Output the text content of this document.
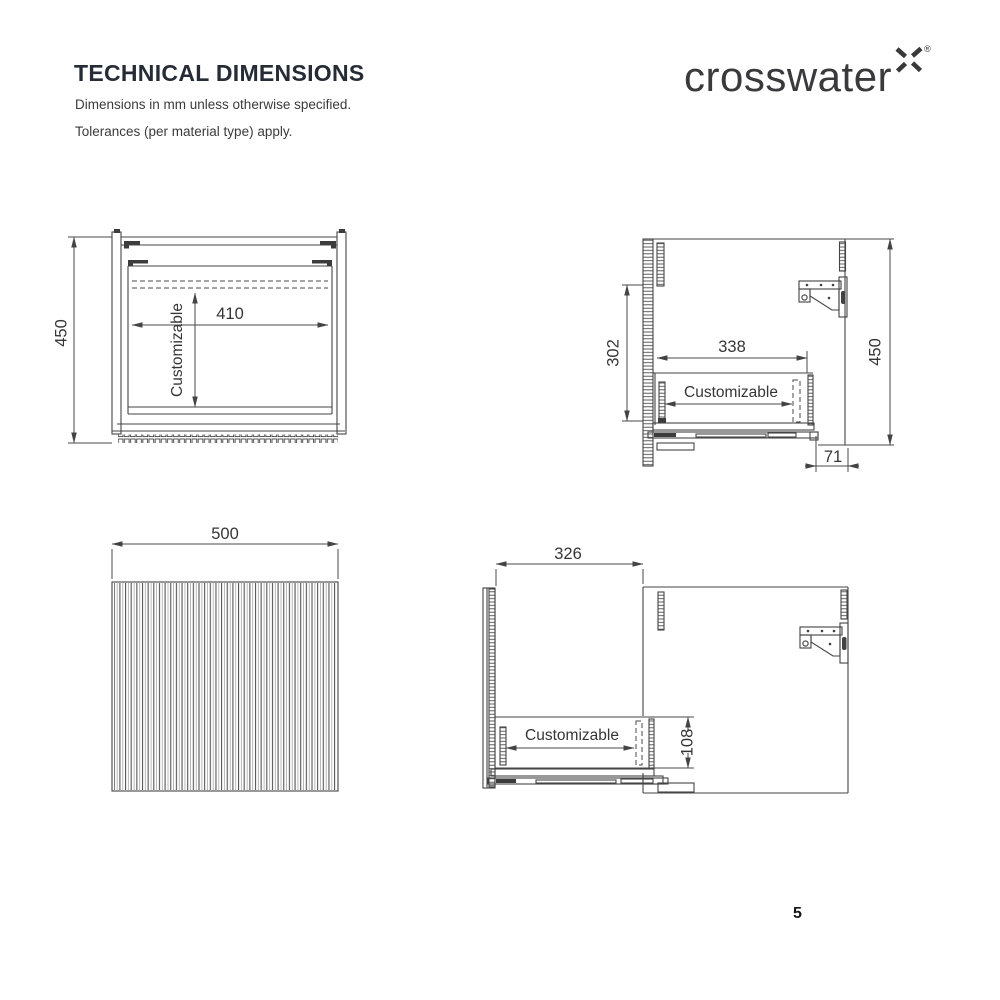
TECHNICAL DIMENSIONS

Dimensions in mm unless otherwise specified.

Tolerances (per material type) apply.

crosswater
®
450
410
Customizable	302	338
Customizable
450
71
500
326
Customizable	108
5
